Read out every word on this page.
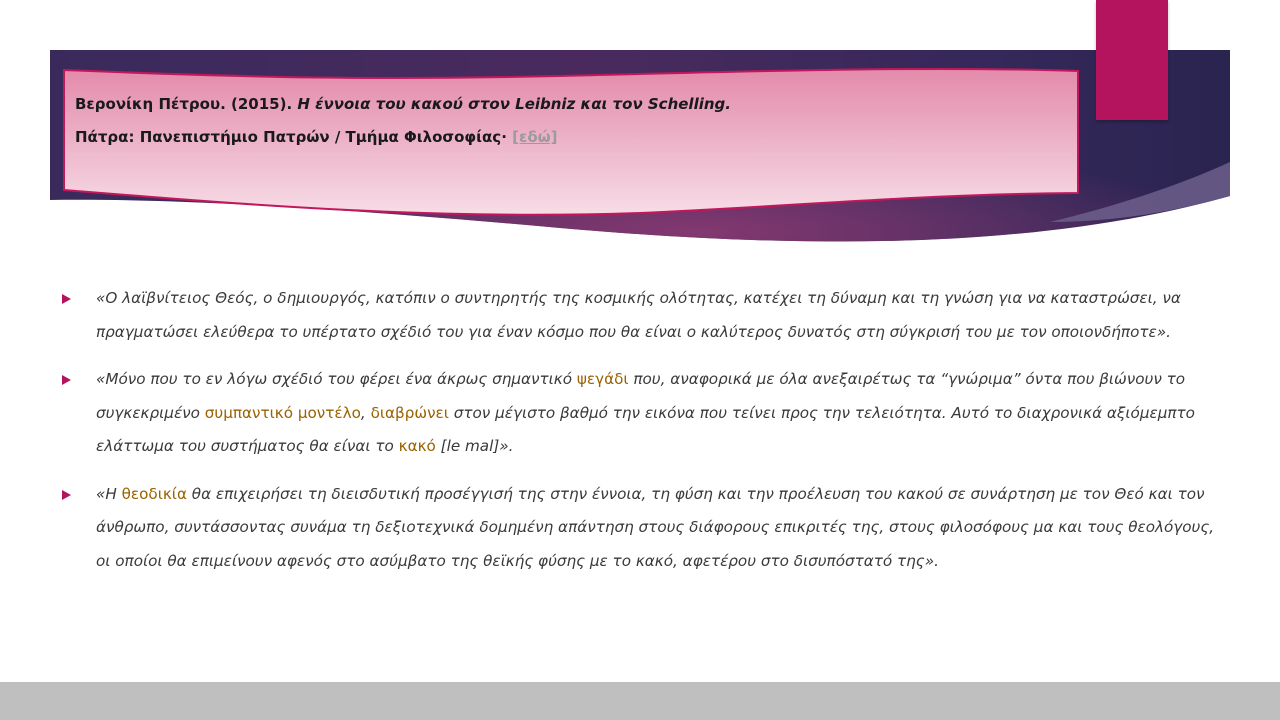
Βερονίκη Πέτρου. (2015). Η έννοια του κακού στον Leibniz και τον Schelling.
Πάτρα: Πανεπιστήμιο Πατρών / Τμήμα Φιλοσοφίας· [εδώ]
«Ο λαϊβνίτειος Θεός, ο δημιουργός, κατόπιν ο συντηρητής της κοσμικής ολότητας, κατέχει τη δύναμη και τη γνώση για να καταστρώσει, να πραγματώσει ελεύθερα το υπέρτατο σχέδιό του για έναν κόσμο που θα είναι ο καλύτερος δυνατός στη σύγκρισή του με τον οποιονδήποτε».
«Μόνο που το εν λόγω σχέδιό του φέρει ένα άκρως σημαντικό ψεγάδι που, αναφορικά με όλα ανεξαιρέτως τα “γνώριμα” όντα που βιώνουν το συγκεκριμένο συμπαντικό μοντέλο, διαβρώνει στον μέγιστο βαθμό την εικόνα που τείνει προς την τελειότητα. Αυτό το διαχρονικά αξιόμεμπτο ελάττωμα του συστήματος θα είναι το κακό [le mal]».
«Η θεοδικία θα επιχειρήσει τη διεισδυτική προσέγγισή της στην έννοια, τη φύση και την προέλευση του κακού σε συνάρτηση με τον Θεό και τον άνθρωπο, συντάσσοντας συνάμα τη δεξιοτεχνικά δομημένη απάντηση στους διάφορους επικριτές της, στους φιλοσόφους μα και τους θεολόγους, οι οποίοι θα επιμείνουν αφενός στο ασύμβατο της θεϊκής φύσης με το κακό, αφετέρου στο δισυπόστατό της».
